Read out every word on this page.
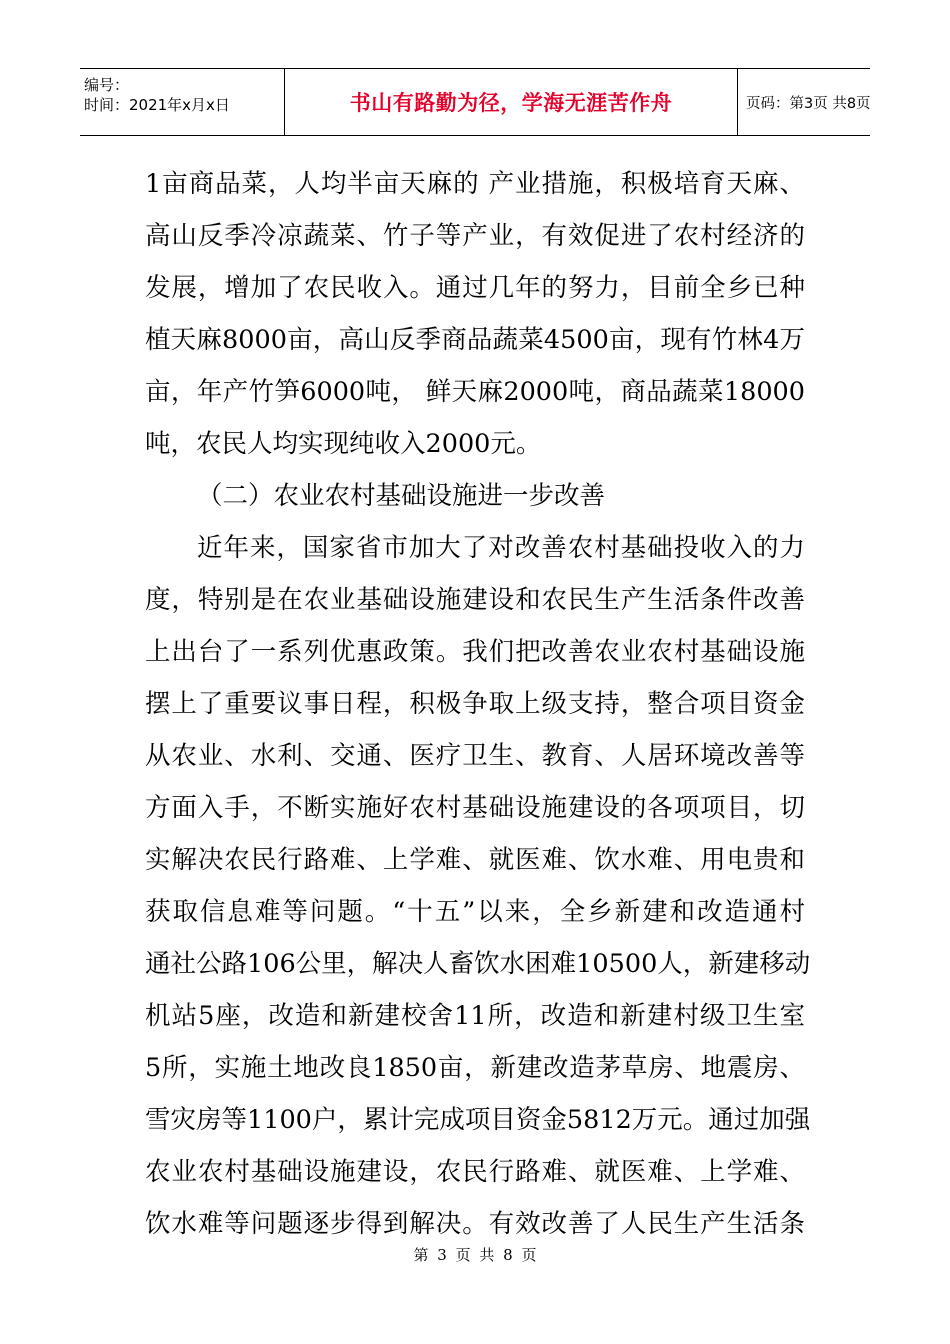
编号：
时间：2021年x月x日	书山有路勤为径，学海无涯苦作舟	页码：第3页 共8页
1亩商品菜，人均半亩天麻的 产业措施，积极培育天麻、
高山反季冷凉蔬菜、竹子等产业，有效促进了农村经济的
发展，增加了农民收入。通过几年的努力，目前全乡已种
植天麻8000亩，高山反季商品蔬菜4500亩，现有竹林4万
亩，年产竹笋6000吨， 鲜天麻2000吨，商品蔬菜18000
吨，农民人均实现纯收入2000元。
（二）农业农村基础设施进一步改善
近年来，国家省市加大了对改善农村基础投收入的力
度，特别是在农业基础设施建设和农民生产生活条件改善
上出台了一系列优惠政策。我们把改善农业农村基础设施
摆上了重要议事日程，积极争取上级支持，整合项目资金
从农业、水利、交通、医疗卫生、教育、人居环境改善等
方面入手，不断实施好农村基础设施建设的各项项目，切
实解决农民行路难、上学难、就医难、饮水难、用电贵和
获取信息难等问题。“十五”以来，全乡新建和改造通村
通社公路106公里，解决人畜饮水困难10500人，新建移动
机站5座，改造和新建校舍11所，改造和新建村级卫生室
5所，实施土地改良1850亩，新建改造茅草房、地震房、
雪灾房等1100户，累计完成项目资金5812万元。通过加强
农业农村基础设施建设，农民行路难、就医难、上学难、
饮水难等问题逐步得到解决。有效改善了人民生产生活条
第 3 页 共 8 页
